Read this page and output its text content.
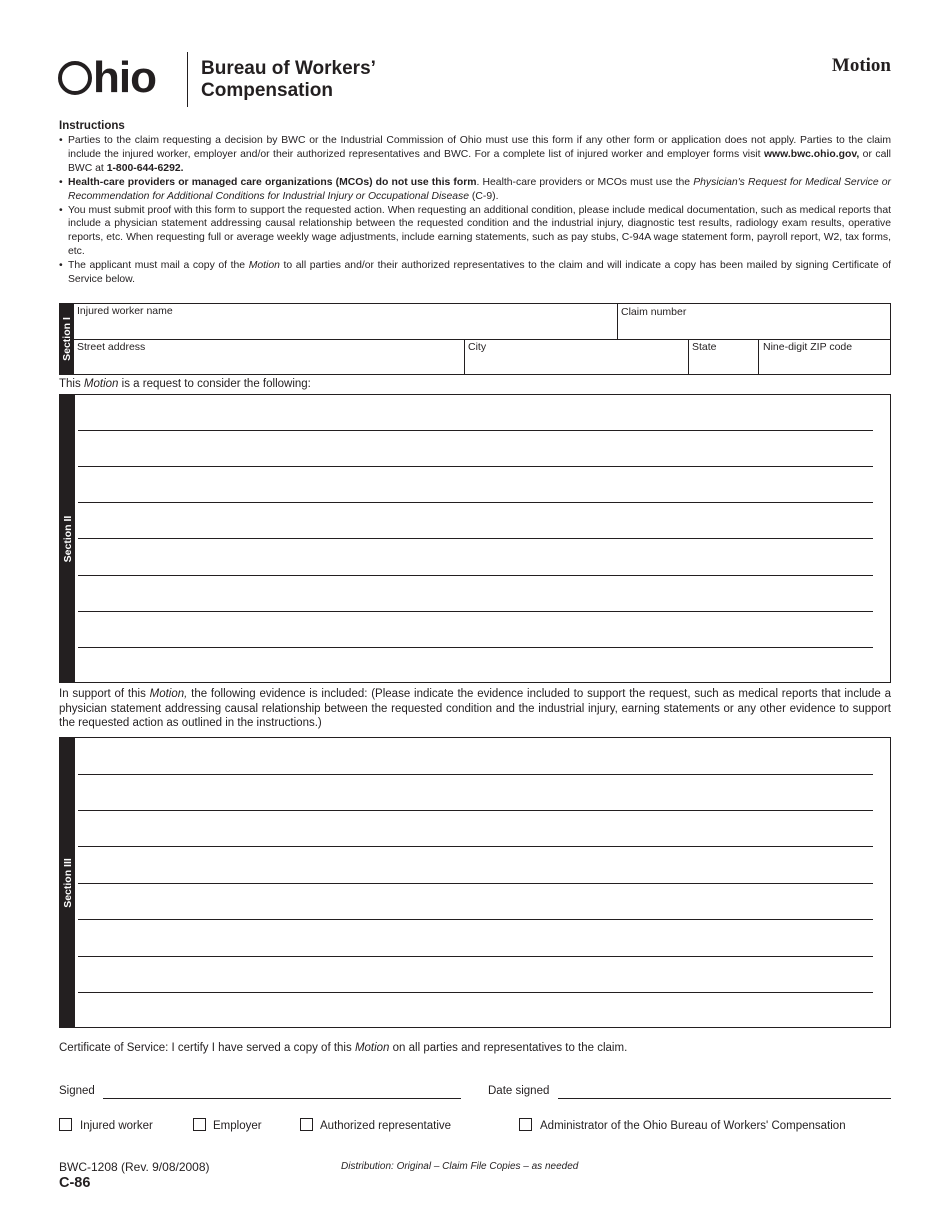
hio Bureau of Workers’
Compensation
Motion
Instructions
• Parties to the claim requesting a decision by BWC or the Industrial Commission of Ohio must use this form if any other form or application does not apply. Parties to the claim include the injured worker, employer and/or their authorized representatives and BWC. For a complete list of injured worker and employer forms visit www.bwc.ohio.gov, or call BWC at 1-800-644-6292.
• Health-care providers or managed care organizations (MCOs) do not use this form. Health-care providers or MCOs must use the Physician's Request for Medical Service or Recommendation for Additional Conditions for Industrial Injury or Occupational Disease (C-9).
• You must submit proof with this form to support the requested action. When requesting an additional condition, please include medical documentation, such as medical reports that include a physician statement addressing causal relationship between the requested condition and the industrial injury, diagnostic test results, radiology exam results, operative reports, etc. When requesting full or average weekly wage adjustments, include earning statements, such as pay stubs, C-94A wage statement form, payroll report, W2, tax forms, etc.
• The applicant must mail a copy of the Motion to all parties and/or their authorized representatives to the claim and will indicate a copy has been mailed by signing Certificate of Service below.
Section I
Injured worker name	Claim number
Street address	City	State	Nine-digit ZIP code
This Motion is a request to consider the following:
Section II
In support of this Motion, the following evidence is included: (Please indicate the evidence included to support the request, such as medical reports that include a physician statement addressing causal relationship between the requested condition and the industrial injury, earning statements or any other evidence to support the requested action as outlined in the instructions.)
Section III
Certificate of Service: I certify I have served a copy of this Motion on all parties and representatives to the claim.
Signed	Date signed
Injured worker	Employer	Authorized representative	Administrator of the Ohio Bureau of Workers' Compensation
BWC-1208 (Rev. 9/08/2008)
C-86
Distribution: Original – Claim File Copies – as needed
